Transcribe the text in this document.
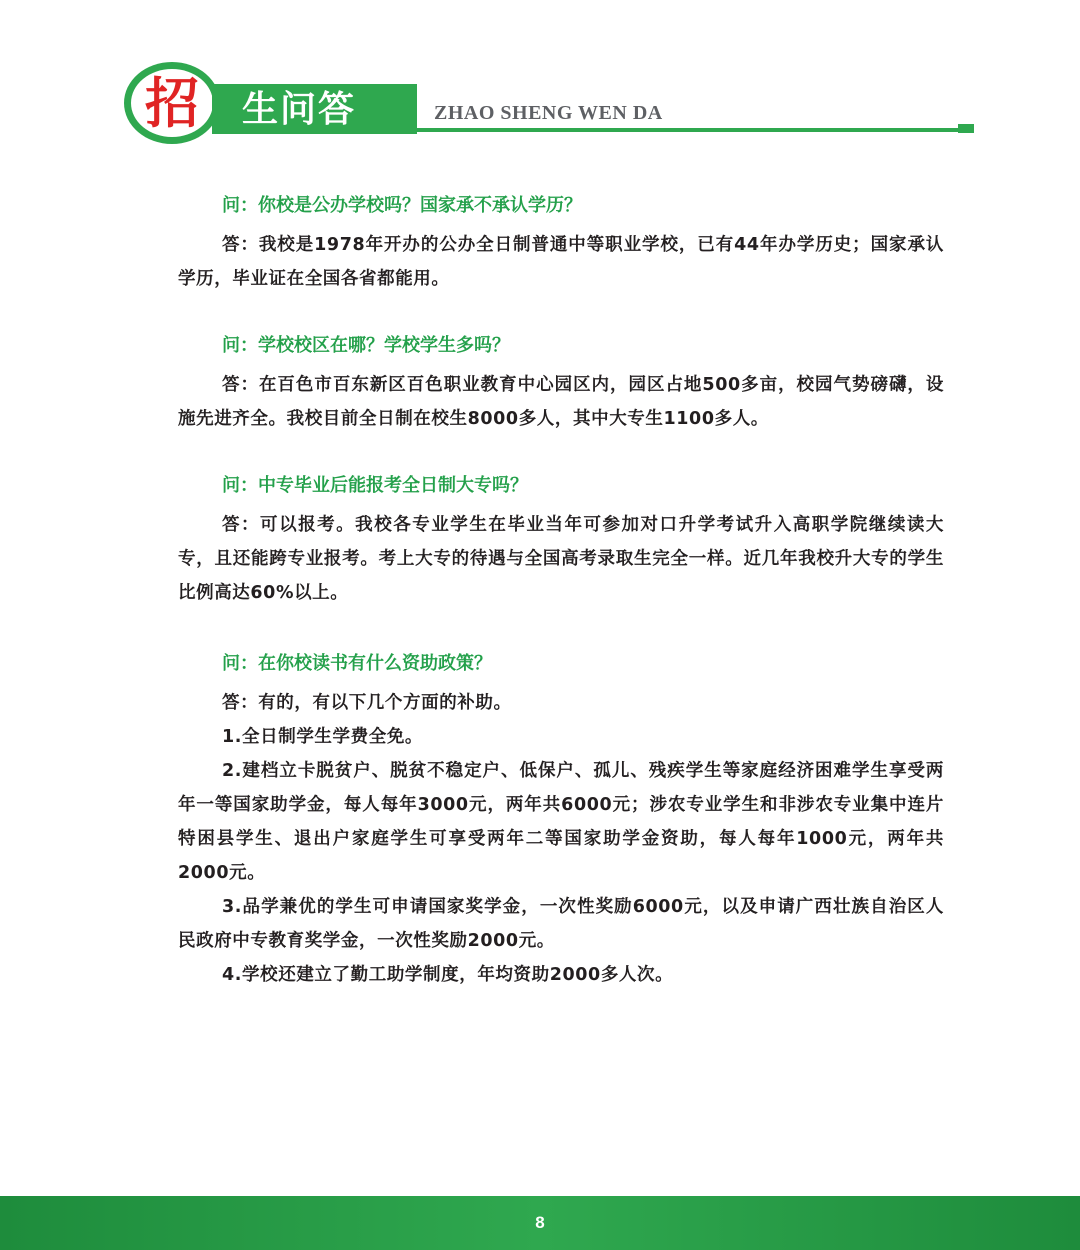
招 生问答	ZHAO SHENG WEN DA

问：你校是公办学校吗？国家承不承认学历？

答：我校是1978年开办的公办全日制普通中等职业学校，已有44年办学历史；国家承认学历，毕业证在全国各省都能用。

问：学校校区在哪？学校学生多吗？

答：在百色市百东新区百色职业教育中心园区内，园区占地500多亩，校园气势磅礴，设施先进齐全。我校目前全日制在校生8000多人，其中大专生1100多人。

问：中专毕业后能报考全日制大专吗？

答：可以报考。我校各专业学生在毕业当年可参加对口升学考试升入高职学院继续读大专，且还能跨专业报考。考上大专的待遇与全国高考录取生完全一样。近几年我校升大专的学生比例高达60%以上。

问：在你校读书有什么资助政策？

答：有的，有以下几个方面的补助。

1.全日制学生学费全免。

2.建档立卡脱贫户、脱贫不稳定户、低保户、孤儿、残疾学生等家庭经济困难学生享受两年一等国家助学金，每人每年3000元，两年共6000元；涉农专业学生和非涉农专业集中连片特困县学生、退出户家庭学生可享受两年二等国家助学金资助，每人每年1000元，两年共2000元。

3.品学兼优的学生可申请国家奖学金，一次性奖励6000元，以及申请广西壮族自治区人民政府中专教育奖学金，一次性奖励2000元。

4.学校还建立了勤工助学制度，年均资助2000多人次。

8
